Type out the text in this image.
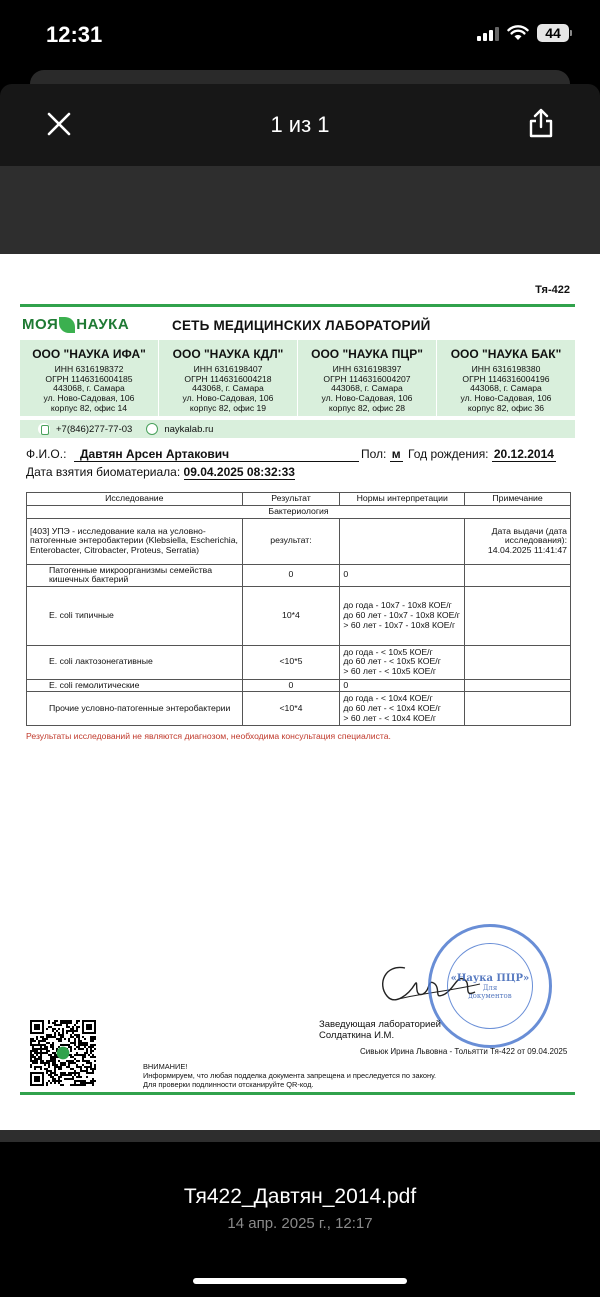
12:31	44
1 из 1
Тя-422
МОЯ НАУКА	СЕТЬ МЕДИЦИНСКИХ ЛАБОРАТОРИЙ
ООО "НАУКА ИФА"
ИНН 6316198372
ОГРН 1146316004185
443068, г. Самара
ул. Ново-Садовая, 106
корпус 82, офис 14
ООО "НАУКА КДЛ"
ИНН 6316198407
ОГРН 1146316004218
443068, г. Самара
ул. Ново-Садовая, 106
корпус 82, офис 19
ООО "НАУКА ПЦР"
ИНН 6316198397
ОГРН 1146316004207
443068, г. Самара
ул. Ново-Садовая, 106
корпус 82, офис 28
ООО "НАУКА БАК"
ИНН 6316198380
ОГРН 1146316004196
443068, г. Самара
ул. Ново-Садовая, 106
корпус 82, офис 36
+7(846)277-77-03	naykalab.ru
Ф.И.О.:	Давтян Арсен Артакович	Пол: м Год рождения: 20.12.2014
Дата взятия биоматериала: 09.04.2025 08:32:33
Исследование	Результат	Нормы интерпретации	Примечание
Бактериология			
[403] УПЭ - исследование кала на условно-патогенные энтеробактерии (Klebsiella, Escherichia, Enterobacter, Citrobacter, Proteus, Serratia)	результат:		Дата выдачи (дата исследования): 14.04.2025 11:41:47
Патогенные микроорганизмы семейства кишечных бактерий	0	0	
E. coli типичные	10*4	до года - 10x7 - 10x8 КОЕ/г
до 60 лет - 10x7 - 10x8 КОЕ/г
> 60 лет - 10x7 - 10x8 КОЕ/г	
E. coli лактозонегативные	<10*5	до года - < 10x5 КОЕ/г
до 60 лет - < 10x5 КОЕ/г
> 60 лет - < 10x5 КОЕ/г	
E. coli гемолитические	0	0	
Прочие условно-патогенные энтеробактерии	<10*4	до года - < 10x4 КОЕ/г
до 60 лет - < 10x4 КОЕ/г
> 60 лет - < 10x4 КОЕ/г	
Результаты исследований не являются диагнозом, необходима консультация специалиста.
«Наука ПЦР»
Для
документов
Заведующая лабораторией
Солдаткина И.М.
Сивьюк Ирина Львовна - Тольятти Тя-422 от 09.04.2025
ВНИМАНИЕ!
Информируем, что любая подделка документа запрещена и преследуется по закону.
Для проверки подлинности отсканируйте QR-код.
Тя422_Давтян_2014.pdf
14 апр. 2025 г., 12:17
